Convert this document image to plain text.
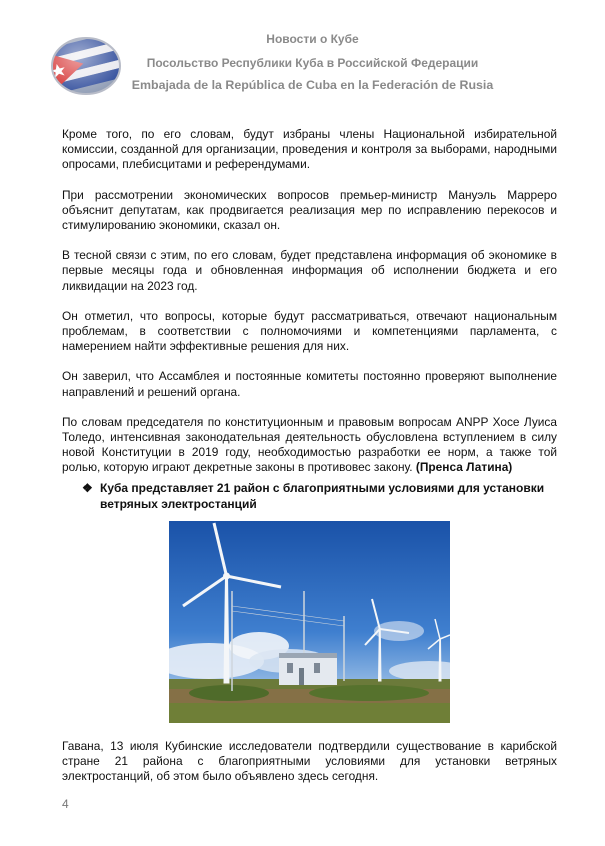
Новости о Кубе
Посольство Республики Куба в Российской Федерации
Embajada de la República de Cuba en la Federación de Rusia

Кроме того, по его словам, будут избраны члены Национальной избирательной комиссии, созданной для организации, проведения и контроля за выборами, народными опросами, плебисцитами и референдумами.

При рассмотрении экономических вопросов премьер-министр Мануэль Марреро объяснит депутатам, как продвигается реализация мер по исправлению перекосов и стимулированию экономики, сказал он.

В тесной связи с этим, по его словам, будет представлена информация об экономике в первые месяцы года и обновленная информация об исполнении бюджета и его ликвидации на 2023 год.

Он отметил, что вопросы, которые будут рассматриваться, отвечают национальным проблемам, в соответствии с полномочиями и компетенциями парламента, с намерением найти эффективные решения для них.

Он заверил, что Ассамблея и постоянные комитеты постоянно проверяют выполнение направлений и решений органа.

По словам председателя по конституционным и правовым вопросам ANPP Хосе Луиса Толедо, интенсивная законодательная деятельность обусловлена вступлением в силу новой Конституции в 2019 году, необходимостью разработки ее норм, а также той ролью, которую играют декретные законы в противовес закону. (Пренса Латина)

❖ Куба представляет 21 район с благоприятными условиями для установки ветряных электростанций
Гавана, 13 июля Кубинские исследователи подтвердили существование в карибской стране 21 района с благоприятными условиями для установки ветряных электростанций, об этом было объявлено здесь сегодня.
4
